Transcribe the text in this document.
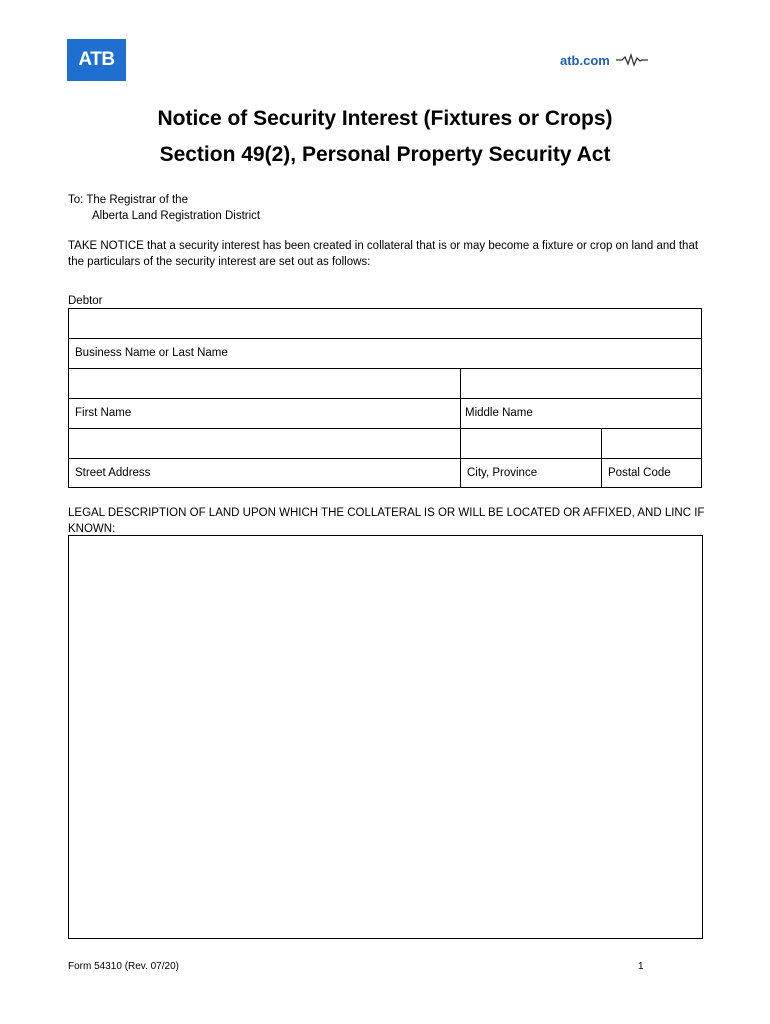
ATB	atb.com
Notice of Security Interest (Fixtures or Crops)
Section 49(2), Personal Property Security Act
To: The Registrar of the
Alberta Land Registration District
TAKE NOTICE that a security interest has been created in collateral that is or may become a fixture or crop on land and that the particulars of the security interest are set out as follows:
Debtor
Business Name or Last Name
First Name	Middle Name
Street Address	City, Province	Postal Code
LEGAL DESCRIPTION OF LAND UPON WHICH THE COLLATERAL IS OR WILL BE LOCATED OR AFFIXED, AND LINC IF KNOWN:
Form 54310 (Rev. 07/20)	1
